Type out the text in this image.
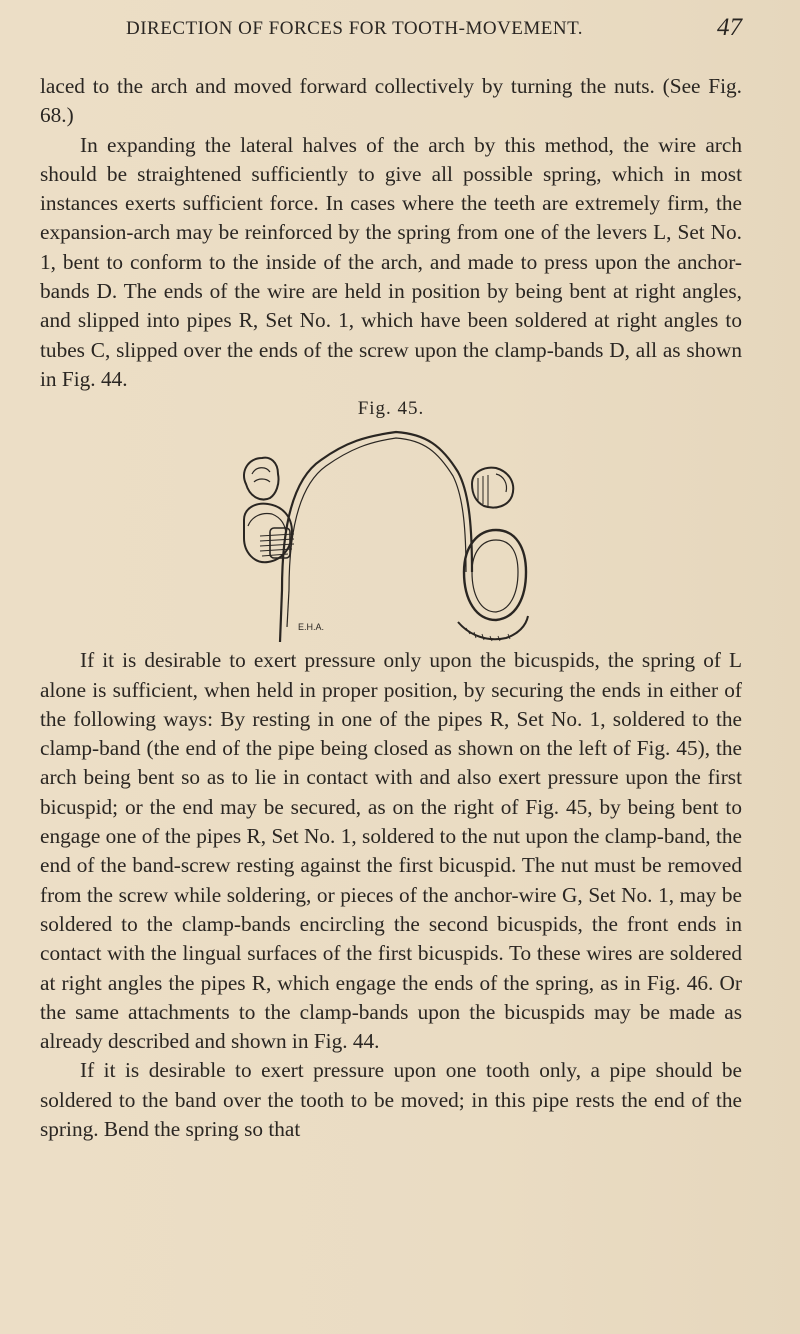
DIRECTION OF FORCES FOR TOOTH-MOVEMENT.	47

laced to the arch and moved forward collectively by turning the nuts. (See Fig. 68.)

In expanding the lateral halves of the arch by this method, the wire arch should be straightened sufficiently to give all possible spring, which in most instances exerts sufficient force. In cases where the teeth are extremely firm, the expansion-arch may be reinforced by the spring from one of the levers L, Set No. 1, bent to conform to the inside of the arch, and made to press upon the anchor-bands D. The ends of the wire are held in position by being bent at right angles, and slipped into pipes R, Set No. 1, which have been soldered at right angles to tubes C, slipped over the ends of the screw upon the clamp-bands D, all as shown in Fig. 44.

Fig. 45.
E.H.A.

If it is desirable to exert pressure only upon the bicuspids, the spring of L alone is sufficient, when held in proper position, by securing the ends in either of the following ways: By resting in one of the pipes R, Set No. 1, soldered to the clamp-band (the end of the pipe being closed as shown on the left of Fig. 45), the arch being bent so as to lie in contact with and also exert pressure upon the first bicuspid; or the end may be secured, as on the right of Fig. 45, by being bent to engage one of the pipes R, Set No. 1, soldered to the nut upon the clamp-band, the end of the band-screw resting against the first bicuspid. The nut must be removed from the screw while soldering, or pieces of the anchor-wire G, Set No. 1, may be soldered to the clamp-bands encircling the second bicuspids, the front ends in contact with the lingual surfaces of the first bicuspids. To these wires are soldered at right angles the pipes R, which engage the ends of the spring, as in Fig. 46. Or the same attachments to the clamp-bands upon the bicuspids may be made as already described and shown in Fig. 44.

If it is desirable to exert pressure upon one tooth only, a pipe should be soldered to the band over the tooth to be moved; in this pipe rests the end of the spring. Bend the spring so that
